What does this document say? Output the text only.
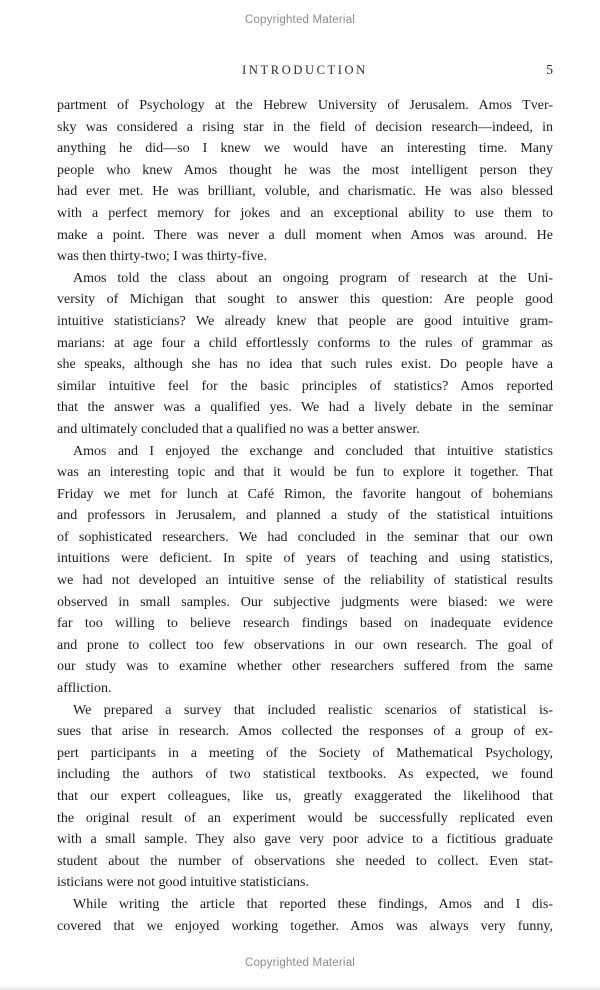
Copyrighted Material
INTRODUCTION	5
partment of Psychology at the Hebrew University of Jerusalem. Amos Tver-
sky was considered a rising star in the field of decision research—indeed, in
anything he did—so I knew we would have an interesting time. Many
people who knew Amos thought he was the most intelligent person they
had ever met. He was brilliant, voluble, and charismatic. He was also blessed
with a perfect memory for jokes and an exceptional ability to use them to
make a point. There was never a dull moment when Amos was around. He
was then thirty-two; I was thirty-five.
Amos told the class about an ongoing program of research at the Uni-
versity of Michigan that sought to answer this question: Are people good
intuitive statisticians? We already knew that people are good intuitive gram-
marians: at age four a child effortlessly conforms to the rules of grammar as
she speaks, although she has no idea that such rules exist. Do people have a
similar intuitive feel for the basic principles of statistics? Amos reported
that the answer was a qualified yes. We had a lively debate in the seminar
and ultimately concluded that a qualified no was a better answer.
Amos and I enjoyed the exchange and concluded that intuitive statistics
was an interesting topic and that it would be fun to explore it together. That
Friday we met for lunch at Café Rimon, the favorite hangout of bohemians
and professors in Jerusalem, and planned a study of the statistical intuitions
of sophisticated researchers. We had concluded in the seminar that our own
intuitions were deficient. In spite of years of teaching and using statistics,
we had not developed an intuitive sense of the reliability of statistical results
observed in small samples. Our subjective judgments were biased: we were
far too willing to believe research findings based on inadequate evidence
and prone to collect too few observations in our own research. The goal of
our study was to examine whether other researchers suffered from the same
affliction.
We prepared a survey that included realistic scenarios of statistical is-
sues that arise in research. Amos collected the responses of a group of ex-
pert participants in a meeting of the Society of Mathematical Psychology,
including the authors of two statistical textbooks. As expected, we found
that our expert colleagues, like us, greatly exaggerated the likelihood that
the original result of an experiment would be successfully replicated even
with a small sample. They also gave very poor advice to a fictitious graduate
student about the number of observations she needed to collect. Even stat-
isticians were not good intuitive statisticians.
While writing the article that reported these findings, Amos and I dis-
covered that we enjoyed working together. Amos was always very funny,
Copyrighted Material
